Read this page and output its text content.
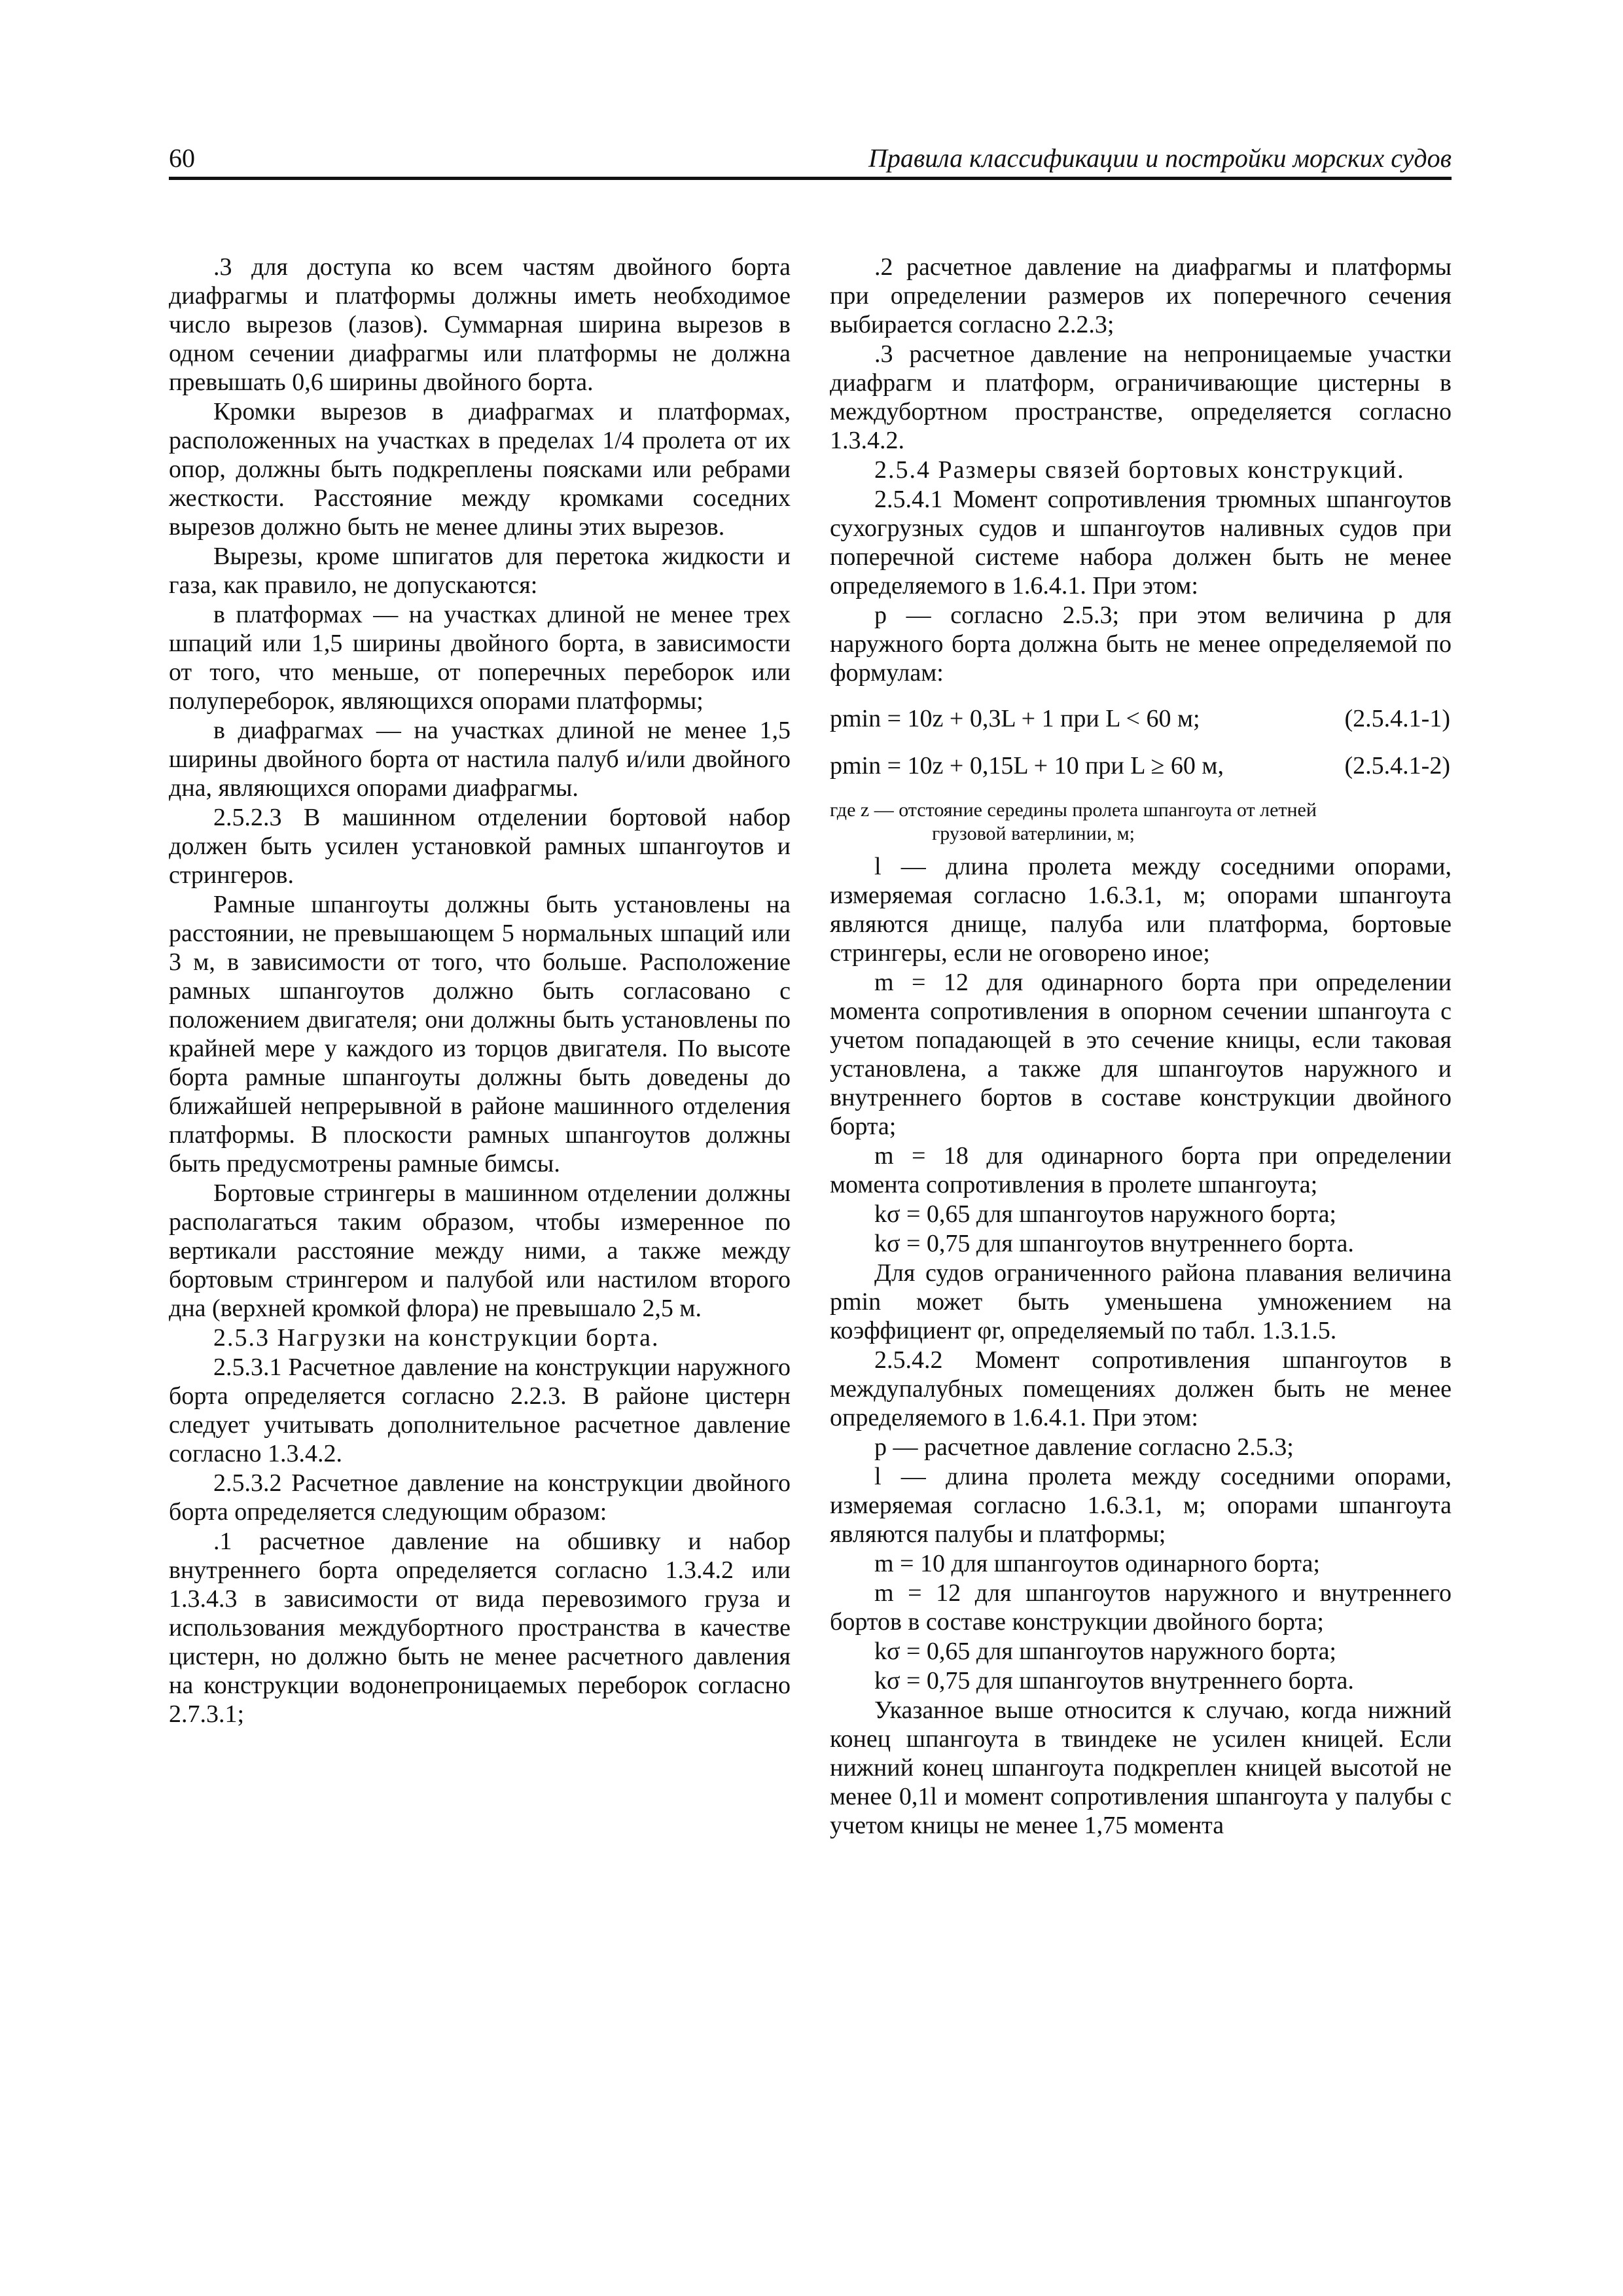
60	Правила классификации и постройки морских судов

.3 для доступа ко всем частям двойного борта диафрагмы и платформы должны иметь необходимое число вырезов (лазов). Суммарная ширина вырезов в одном сечении диафрагмы или платформы не должна превышать 0,6 ширины двойного борта.

Кромки вырезов в диафрагмах и платформах, расположенных на участках в пределах 1/4 пролета от их опор, должны быть подкреплены поясками или ребрами жесткости. Расстояние между кромками соседних вырезов должно быть не менее длины этих вырезов.

Вырезы, кроме шпигатов для перетока жидкости и газа, как правило, не допускаются:

в платформах — на участках длиной не менее трех шпаций или 1,5 ширины двойного борта, в зависимости от того, что меньше, от поперечных переборок или полупереборок, являющихся опорами платформы;

в диафрагмах — на участках длиной не менее 1,5 ширины двойного борта от настила палуб и/или двойного дна, являющихся опорами диафрагмы.

2.5.2.3 В машинном отделении бортовой набор должен быть усилен установкой рамных шпангоутов и стрингеров.

Рамные шпангоуты должны быть установлены на расстоянии, не превышающем 5 нормальных шпаций или 3 м, в зависимости от того, что больше. Расположение рамных шпангоутов должно быть согласовано с положением двигателя; они должны быть установлены по крайней мере у каждого из торцов двигателя. По высоте борта рамные шпангоуты должны быть доведены до ближайшей непрерывной в районе машинного отделения платформы. В плоскости рамных шпангоутов должны быть предусмотрены рамные бимсы.

Бортовые стрингеры в машинном отделении должны располагаться таким образом, чтобы измеренное по вертикали расстояние между ними, а также между бортовым стрингером и палубой или настилом второго дна (верхней кромкой флора) не превышало 2,5 м.

2.5.3 Нагрузки на конструкции борта.

2.5.3.1 Расчетное давление на конструкции наружного борта определяется согласно 2.2.3. В районе цистерн следует учитывать дополнительное расчетное давление согласно 1.3.4.2.

2.5.3.2 Расчетное давление на конструкции двойного борта определяется следующим образом:

.1 расчетное давление на обшивку и набор внутреннего борта определяется согласно 1.3.4.2 или 1.3.4.3 в зависимости от вида перевозимого груза и использования междубортного пространства в качестве цистерн, но должно быть не менее расчетного давления на конструкции водонепроницаемых переборок согласно 2.7.3.1;

.2 расчетное давление на диафрагмы и платформы при определении размеров их поперечного сечения выбирается согласно 2.2.3;

.3 расчетное давление на непроницаемые участки диафрагм и платформ, ограничивающие цистерны в междубортном пространстве, определяется согласно 1.3.4.2.

2.5.4 Размеры связей бортовых конструкций.

2.5.4.1 Момент сопротивления трюмных шпангоутов сухогрузных судов и шпангоутов наливных судов при поперечной системе набора должен быть не менее определяемого в 1.6.4.1. При этом:

p — согласно 2.5.3; при этом величина p для наружного борта должна быть не менее определяемой по формулам:

pmin = 10z + 0,3L + 1 при L < 60 м;	(2.5.4.1-1)
pmin = 10z + 0,15L + 10 при L ≥ 60 м,	(2.5.4.1-2)
где z — отстояние середины пролета шпангоута от летней
грузовой ватерлинии, м;

l — длина пролета между соседними опорами, измеряемая согласно 1.6.3.1, м; опорами шпангоута являются днище, палуба или платформа, бортовые стрингеры, если не оговорено иное;

m = 12 для одинарного борта при определении момента сопротивления в опорном сечении шпангоута с учетом попадающей в это сечение кницы, если таковая установлена, а также для шпангоутов наружного и внутреннего бортов в составе конструкции двойного борта;

m = 18 для одинарного борта при определении момента сопротивления в пролете шпангоута;

kσ = 0,65 для шпангоутов наружного борта;

kσ = 0,75 для шпангоутов внутреннего борта.

Для судов ограниченного района плавания величина pmin может быть уменьшена умножением на коэффициент φr, определяемый по табл. 1.3.1.5.

2.5.4.2 Момент сопротивления шпангоутов в междупалубных помещениях должен быть не менее определяемого в 1.6.4.1. При этом:

p — расчетное давление согласно 2.5.3;

l — длина пролета между соседними опорами, измеряемая согласно 1.6.3.1, м; опорами шпангоута являются палубы и платформы;

m = 10 для шпангоутов одинарного борта;

m = 12 для шпангоутов наружного и внутреннего бортов в составе конструкции двойного борта;

kσ = 0,65 для шпангоутов наружного борта;

kσ = 0,75 для шпангоутов внутреннего борта.

Указанное выше относится к случаю, когда нижний конец шпангоута в твиндеке не усилен кницей. Если нижний конец шпангоута подкреплен кницей высотой не менее 0,1l и момент сопротивления шпангоута у палубы с учетом кницы не менее 1,75 момента
